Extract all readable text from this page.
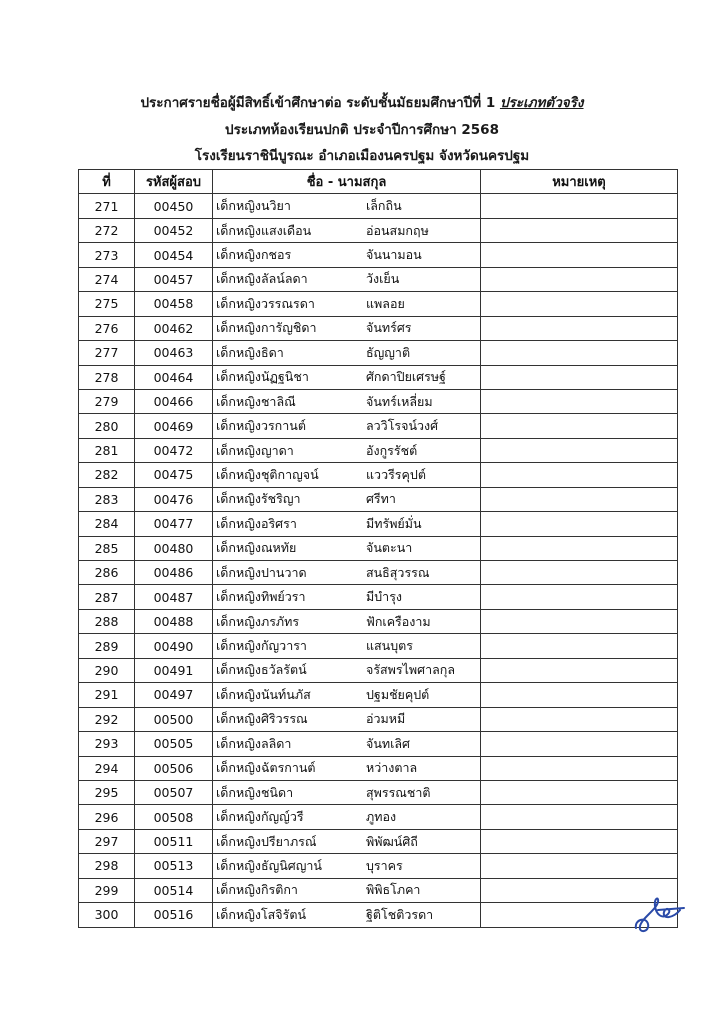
ประกาศรายชื่อผู้มีสิทธิ์เข้าศึกษาต่อ ระดับชั้นมัธยมศึกษาปีที่ 1 ประเภทตัวจริง
ประเภทห้องเรียนปกติ ประจำปีการศึกษา 2568
โรงเรียนราชินีบูรณะ อำเภอเมืองนครปฐม จังหวัดนครปฐม
ที่	รหัสผู้สอบ	ชื่อ - นามสกุล	หมายเหตุ
271	00450	เด็กหญิงนวิยา เล็กถิน	
272	00452	เด็กหญิงแสงเดือน อ่อนสมกฤษ	
273	00454	เด็กหญิงกชอร จันนามอน	
274	00457	เด็กหญิงลัลน์ลดา วังเย็น	
275	00458	เด็กหญิงวรรณรดา แพลอย	
276	00462	เด็กหญิงการัญชิดา จันทร์ศร	
277	00463	เด็กหญิงธิดา ธัญญาติ	
278	00464	เด็กหญิงนัฏฐนิชา ศักดาปิยเศรษฐ์	
279	00466	เด็กหญิงชาลิณี จันทร์เหลี่ยม	
280	00469	เด็กหญิงวรกานต์ ลววิโรจน์วงศ์	
281	00472	เด็กหญิงญาดา อังกูรรัชต์	
282	00475	เด็กหญิงชุติกาญจน์ แววรีรคุปต์	
283	00476	เด็กหญิงรัชริญา ศรีทา	
284	00477	เด็กหญิงอริศรา มีทรัพย์มั่น	
285	00480	เด็กหญิงณหทัย จันตะนา	
286	00486	เด็กหญิงปานวาด สนธิสุวรรณ	
287	00487	เด็กหญิงทิพย์วรา มีบำรุง	
288	00488	เด็กหญิงภรภัทร ฟักเครืองาม	
289	00490	เด็กหญิงกัญวารา แสนบุตร	
290	00491	เด็กหญิงธวัลรัตน์ จรัสพรไพศาลกุล	
291	00497	เด็กหญิงนันท์นภัส ปฐมชัยคุปต์	
292	00500	เด็กหญิงศิริวรรณ อ่วมหมี	
293	00505	เด็กหญิงลลิดา จันทเลิศ	
294	00506	เด็กหญิงฉัตรกานต์ หว่างตาล	
295	00507	เด็กหญิงชนิดา สุพรรณชาติ	
296	00508	เด็กหญิงกัญญ์วรี ภูทอง	
297	00511	เด็กหญิงปรียาภรณ์ พิพัฒน์ศิถี	
298	00513	เด็กหญิงธัญนิศญาน์ บุราคร	
299	00514	เด็กหญิงกิรติกา พิพิธโภคา	
300	00516	เด็กหญิงโสจิรัตน์ ฐิติโชติวรดา	
